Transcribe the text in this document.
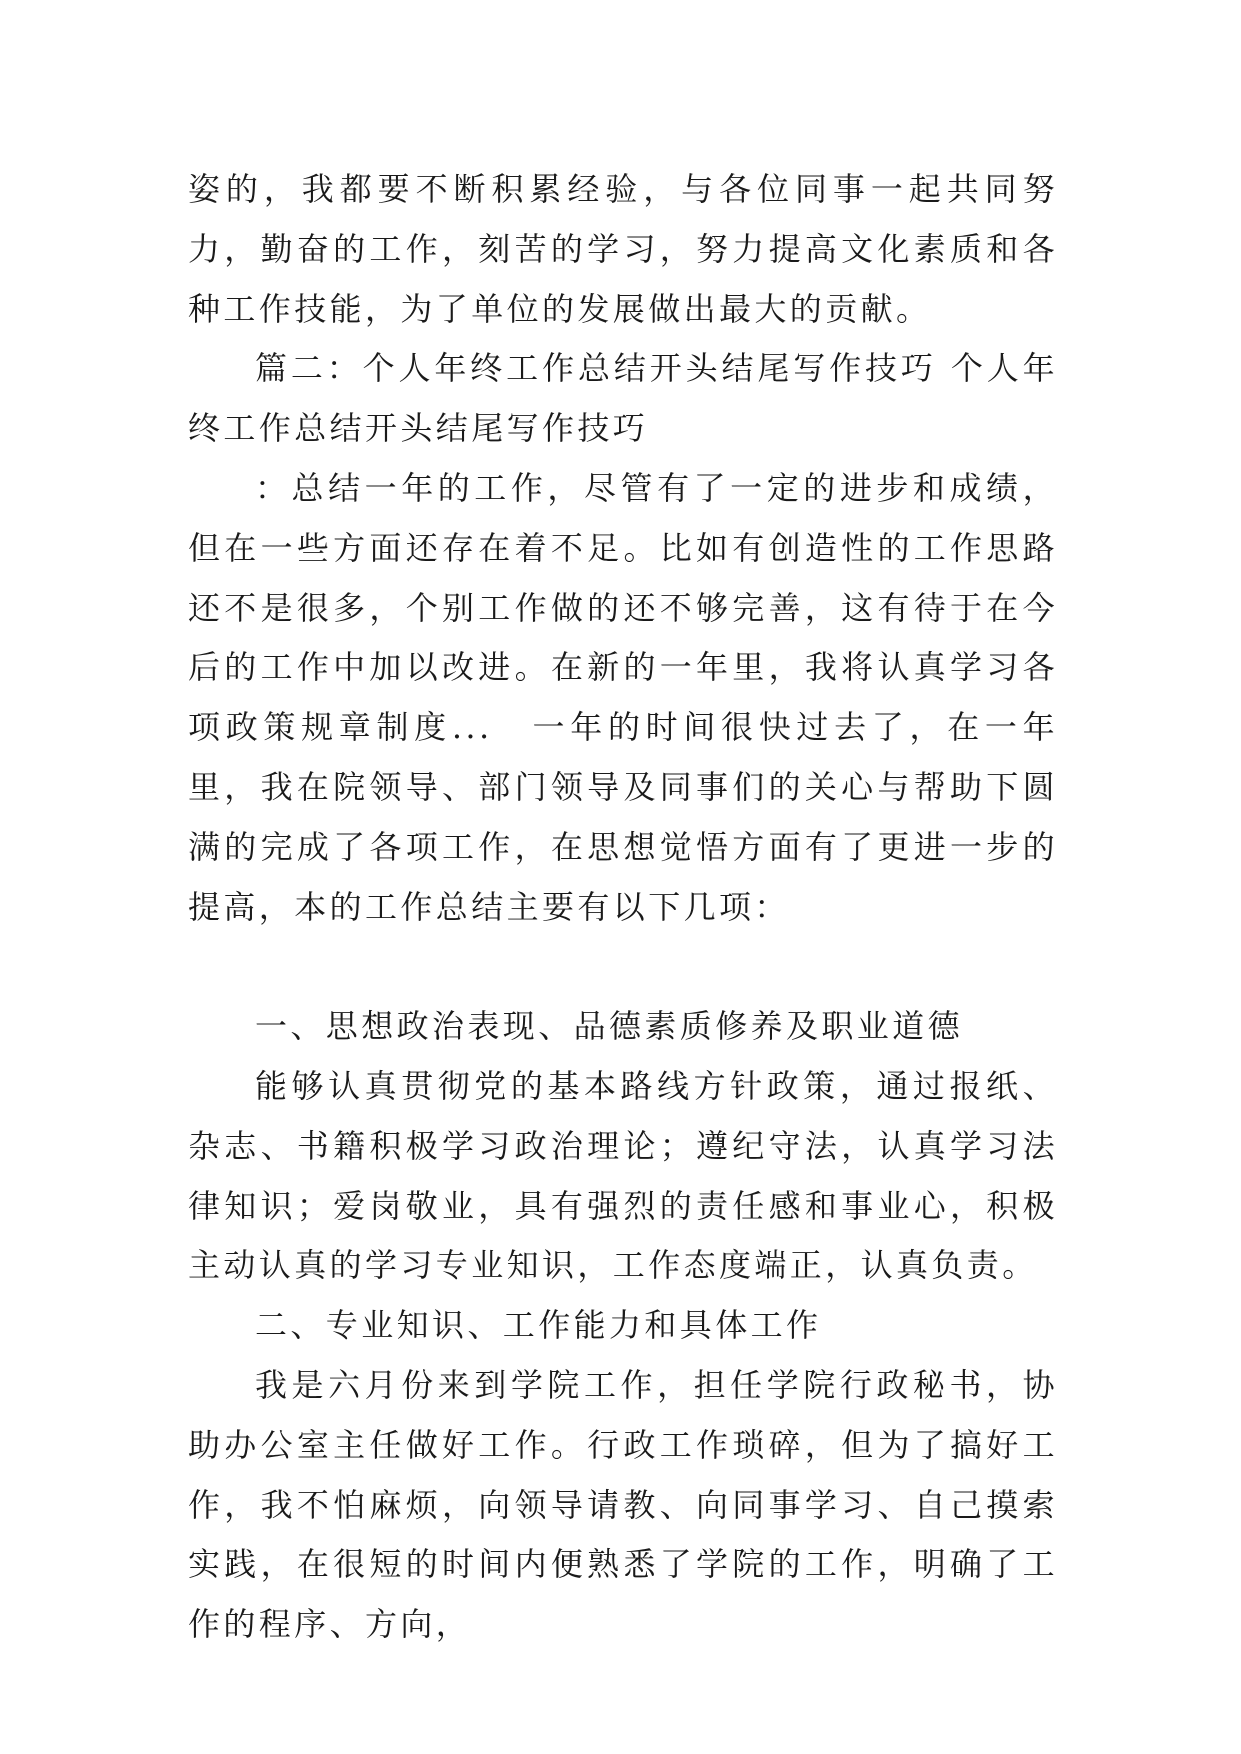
姿的，我都要不断积累经验，与各位同事一起共同努力，勤奋的工作，刻苦的学习，努力提高文化素质和各种工作技能，为了单位的发展做出最大的贡献。

篇二：个人年终工作总结开头结尾写作技巧 个人年终工作总结开头结尾写作技巧

：总结一年的工作，尽管有了一定的进步和成绩，但在一些方面还存在着不足。比如有创造性的工作思路还不是很多，个别工作做的还不够完善，这有待于在今后的工作中加以改进。在新的一年里，我将认真学习各项政策规章制度...　一年的时间很快过去了，在一年里，我在院领导、部门领导及同事们的关心与帮助下圆满的完成了各项工作，在思想觉悟方面有了更进一步的提高，本的工作总结主要有以下几项：

一、思想政治表现、品德素质修养及职业道德

能够认真贯彻党的基本路线方针政策，通过报纸、杂志、书籍积极学习政治理论；遵纪守法，认真学习法律知识；爱岗敬业，具有强烈的责任感和事业心，积极主动认真的学习专业知识，工作态度端正，认真负责。

二、专业知识、工作能力和具体工作

我是六月份来到学院工作，担任学院行政秘书，协助办公室主任做好工作。行政工作琐碎，但为了搞好工作，我不怕麻烦，向领导请教、向同事学习、自己摸索实践，在很短的时间内便熟悉了学院的工作，明确了工作的程序、方向，
